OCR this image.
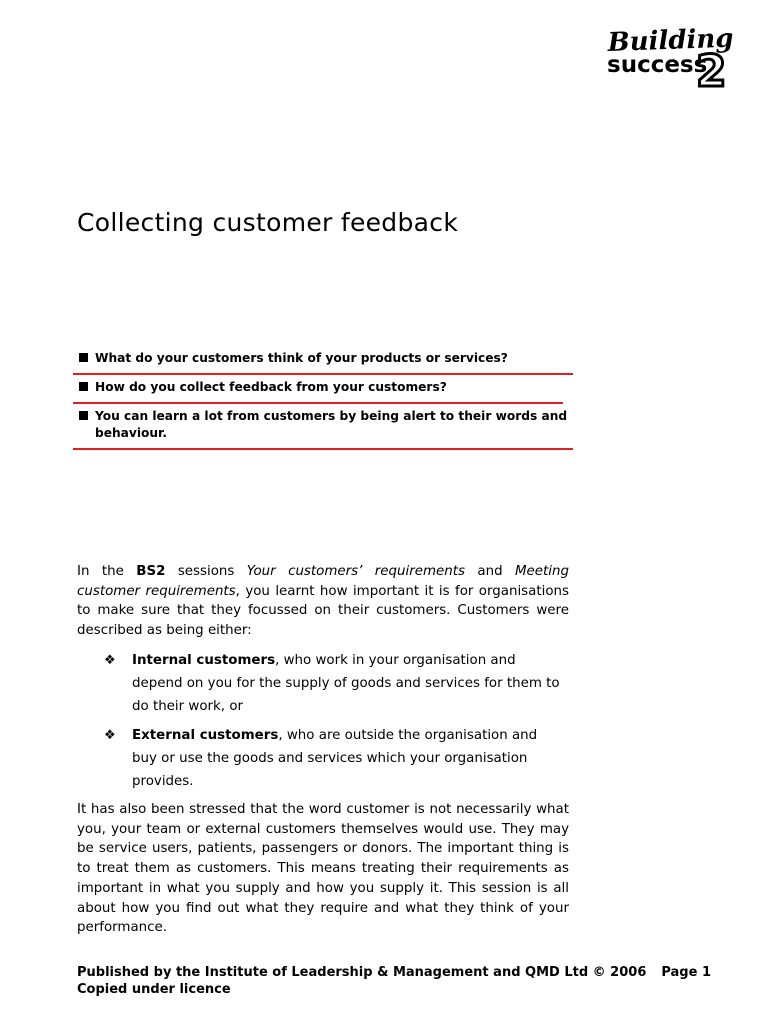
Building
success
2
Collecting customer feedback
What do your customers think of your products or services?
How do you collect feedback from your customers?
You can learn a lot from customers by being alert to their words and behaviour.

In the BS2 sessions Your customers’ requirements and Meeting customer requirements, you learnt how important it is for organisations to make sure that they focussed on their customers. Customers were described as being either:

❖ Internal customers, who work in your organisation and depend on you for the supply of goods and services for them to do their work, or
❖ External customers, who are outside the organisation and buy or use the goods and services which your organisation provides.

It has also been stressed that the word customer is not necessarily what you, your team or external customers themselves would use. They may be service users, patients, passengers or donors. The important thing is to treat them as customers. This means treating their requirements as important in what you supply and how you supply it. This session is all about how you find out what they require and what they think of your performance.

Published by the Institute of Leadership & Management and QMD Ltd © 2006
Copied under licence
Page 1
